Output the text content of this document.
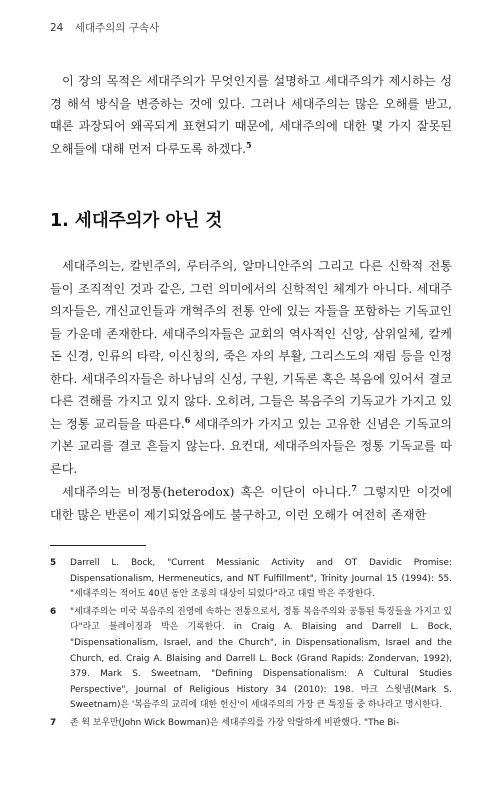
24 세대주의의 구속사

이 장의 목적은 세대주의가 무엇인지를 설명하고 세대주의가 제시하는 성경 해석 방식을 변증하는 것에 있다. 그러나 세대주의는 많은 오해를 받고, 때론 과장되어 왜곡되게 표현되기 때문에, 세대주의에 대한 몇 가지 잘못된 오해들에 대해 먼저 다루도록 하겠다.$^5$

1. 세대주의가 아닌 것

세대주의는, 칼빈주의, 루터주의, 알마니안주의 그리고 다른 신학적 전통들이 조직적인 것과 같은, 그런 의미에서의 신학적인 체계가 아니다. 세대주의자들은, 개신교인들과 개혁주의 전통 안에 있는 자들을 포함하는 기독교인들 가운데 존재한다. 세대주의자들은 교회의 역사적인 신앙, 삼위일체, 칼케돈 신경, 인류의 타락, 이신칭의, 죽은 자의 부활, 그리스도의 재림 등을 인정한다. 세대주의자들은 하나님의 신성, 구원, 기독론 혹은 복음에 있어서 결코 다른 견해를 가지고 있지 않다. 오히려, 그들은 복음주의 기독교가 가지고 있는 정통 교리들을 따른다.$^6$ 세대주의가 가지고 있는 고유한 신념은 기독교의 기본 교리를 결코 흔들지 않는다. 요컨대, 세대주의자들은 정통 기독교를 따른다.

세대주의는 비정통(heterodox) 혹은 이단이 아니다.$^7$ 그렇지만 이것에 대한 많은 반론이 제기되었음에도 불구하고, 이런 오해가 여전히 존재한

5 Darrell L. Bock, "Current Messianic Activity and OT Davidic Promise: Dispensationalism, Hermeneutics, and NT Fulfillment", Trinity Journal 15 (1994): 55. "세대주의는 적어도 40년 동안 조롱의 대상이 되었다"라고 대럴 박은 주장한다.
6 "세대주의는 미국 복음주의 진영에 속하는 전통으로서, 정통 복음주의와 공통된 특징들을 가지고 있다"라고 블레이징과 박은 기록한다. in Craig A. Blaising and Darrell L. Bock, "Dispensationalism, Israel, and the Church", in Dispensationalism, Israel and the Church, ed. Craig A. Blaising and Darrell L. Bock (Grand Rapids: Zondervan, 1992), 379. Mark S. Sweetnam, "Defining Dispensationalism: A Cultural Studies Perspective", Journal of Religious History 34 (2010): 198. 마크 스윗냄(Mark S. Sweetnam)은 '복음주의 교리에 대한 헌신'이 세대주의의 가장 큰 특징들 중 하나라고 명시한다.
7 존 윅 보우만(John Wick Bowman)은 세대주의를 가장 악랄하게 비판했다. "The Bi-
